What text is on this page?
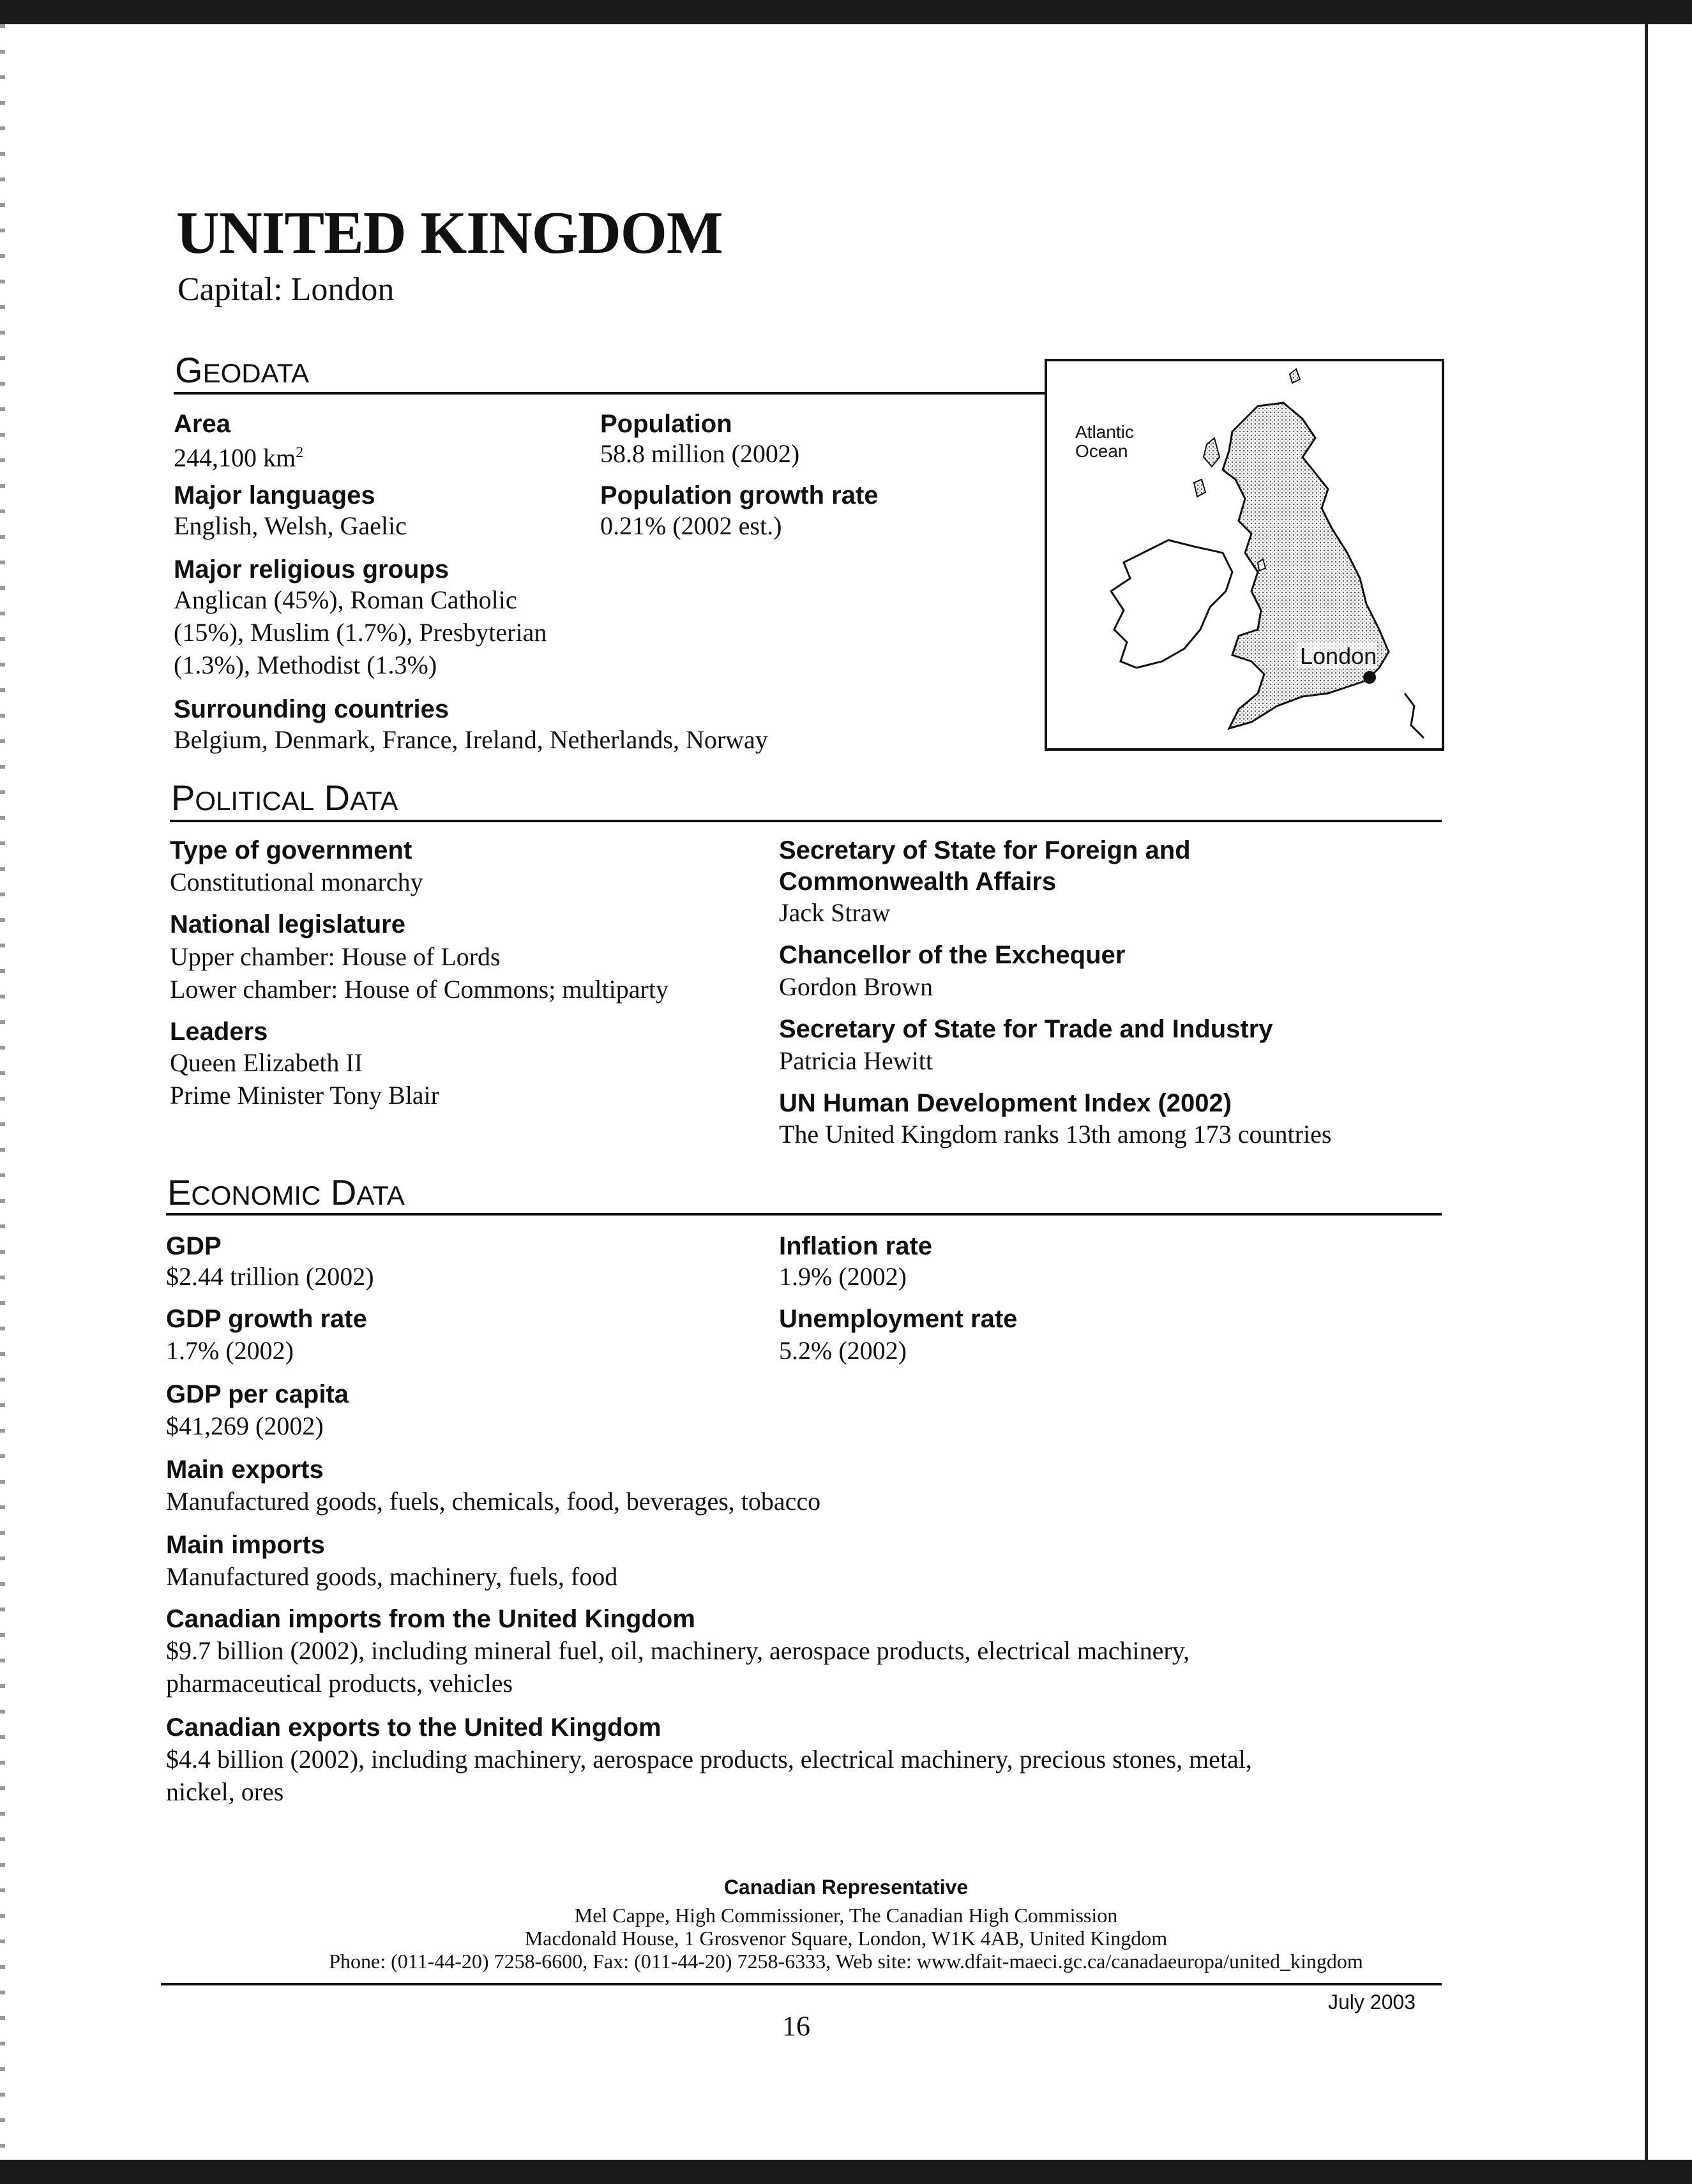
UNITED KINGDOM
Capital: London
GEODATA
Area
244,100 $km^2$
Population
58.8 million (2002)
Major languages
English, Welsh, Gaelic
Population growth rate
0.21% (2002 est.)
Major religious groups
Anglican (45%), Roman Catholic
(15%), Muslim (1.7%), Presbyterian
(1.3%), Methodist (1.3%)
Surrounding countries
Belgium, Denmark, France, Ireland, Netherlands, Norway
Atlantic
Ocean
London
POLITICAL DATA
Type of government
Constitutional monarchy
National legislature
Upper chamber: House of Lords
Lower chamber: House of Commons; multiparty
Leaders
Queen Elizabeth II
Prime Minister Tony Blair
Secretary of State for Foreign and
Commonwealth Affairs
Jack Straw
Chancellor of the Exchequer
Gordon Brown
Secretary of State for Trade and Industry
Patricia Hewitt
UN Human Development Index (2002)
The United Kingdom ranks 13th among 173 countries
ECONOMIC DATA
GDP
$2.44 trillion (2002)
GDP growth rate
1.7% (2002)
GDP per capita
$41,269 (2002)
Inflation rate
1.9% (2002)
Unemployment rate
5.2% (2002)
Main exports
Manufactured goods, fuels, chemicals, food, beverages, tobacco
Main imports
Manufactured goods, machinery, fuels, food
Canadian imports from the United Kingdom
$9.7 billion (2002), including mineral fuel, oil, machinery, aerospace products, electrical machinery,
pharmaceutical products, vehicles
Canadian exports to the United Kingdom
$4.4 billion (2002), including machinery, aerospace products, electrical machinery, precious stones, metal,
nickel, ores
Canadian Representative
Mel Cappe, High Commissioner, The Canadian High Commission
Macdonald House, 1 Grosvenor Square, London, W1K 4AB, United Kingdom
Phone: (011-44-20) 7258-6600, Fax: (011-44-20) 7258-6333, Web site: www.dfait-maeci.gc.ca/canadaeuropa/united_kingdom
July 2003
16
